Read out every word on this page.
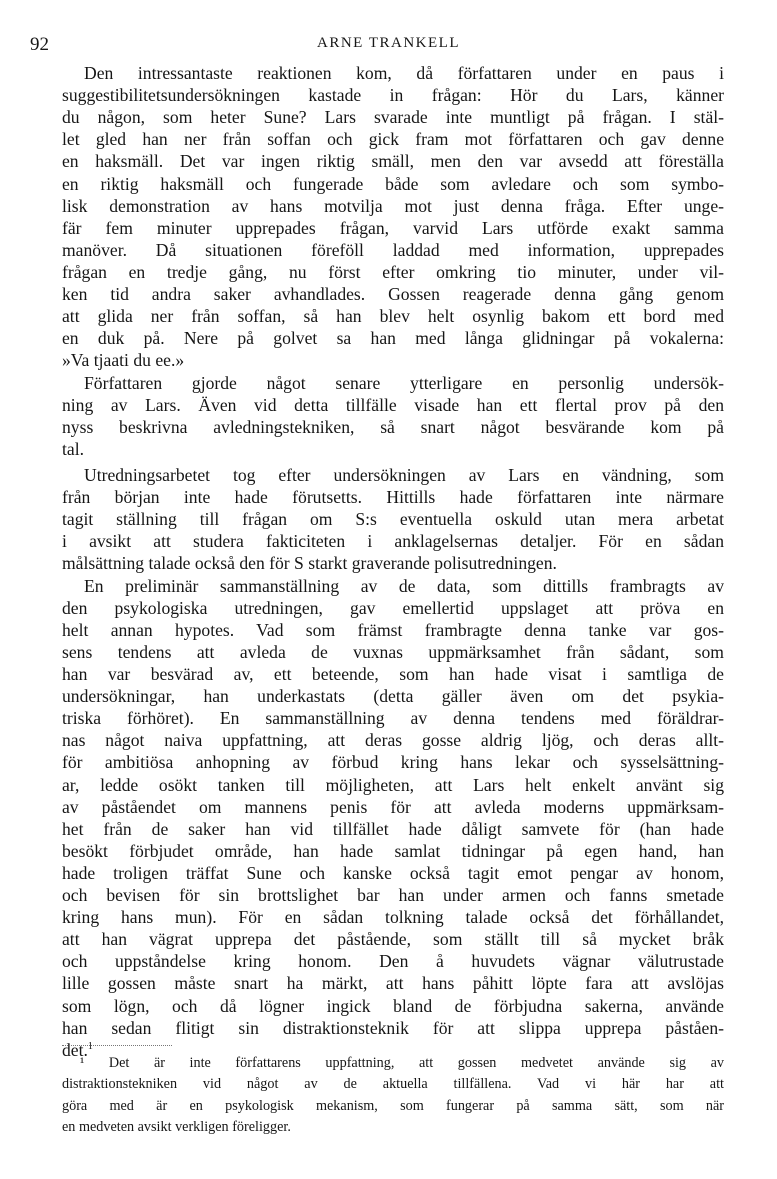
92	ARNE TRANKELL
Den intressantaste reaktionen kom, då författaren under en paus i
suggestibilitetsundersökningen kastade in frågan: Hör du Lars, känner
du någon, som heter Sune? Lars svarade inte muntligt på frågan. I stäl-
let gled han ner från soffan och gick fram mot författaren och gav denne
en haksmäll. Det var ingen riktig smäll, men den var avsedd att föreställa
en riktig haksmäll och fungerade både som avledare och som symbo-
lisk demonstration av hans motvilja mot just denna fråga. Efter unge-
fär fem minuter upprepades frågan, varvid Lars utförde exakt samma
manöver. Då situationen föreföll laddad med information, upprepades
frågan en tredje gång, nu först efter omkring tio minuter, under vil-
ken tid andra saker avhandlades. Gossen reagerade denna gång genom
att glida ner från soffan, så han blev helt osynlig bakom ett bord med
en duk på. Nere på golvet sa han med långa glidningar på vokalerna:
»Va tjaati du ee.»
Författaren gjorde något senare ytterligare en personlig undersök-
ning av Lars. Även vid detta tillfälle visade han ett flertal prov på den
nyss beskrivna avledningstekniken, så snart något besvärande kom på
tal.
Utredningsarbetet tog efter undersökningen av Lars en vändning, som
från början inte hade förutsetts. Hittills hade författaren inte närmare
tagit ställning till frågan om S:s eventuella oskuld utan mera arbetat
i avsikt att studera fakticiteten i anklagelsernas detaljer. För en sådan
målsättning talade också den för S starkt graverande polisutredningen.
En preliminär sammanställning av de data, som dittills frambragts av
den psykologiska utredningen, gav emellertid uppslaget att pröva en
helt annan hypotes. Vad som främst frambragte denna tanke var gos-
sens tendens att avleda de vuxnas uppmärksamhet från sådant, som
han var besvärad av, ett beteende, som han hade visat i samtliga de
undersökningar, han underkastats (detta gäller även om det psykia-
triska förhöret). En sammanställning av denna tendens med föräldrar-
nas något naiva uppfattning, att deras gosse aldrig ljög, och deras allt-
för ambitiösa anhopning av förbud kring hans lekar och sysselsättning-
ar, ledde osökt tanken till möjligheten, att Lars helt enkelt använt sig
av påståendet om mannens penis för att avleda moderns uppmärksam-
het från de saker han vid tillfället hade dåligt samvete för (han hade
besökt förbjudet område, han hade samlat tidningar på egen hand, han
hade troligen träffat Sune och kanske också tagit emot pengar av honom,
och bevisen för sin brottslighet bar han under armen och fanns smetade
kring hans mun). För en sådan tolkning talade också det förhållandet,
att han vägrat upprepa det påstående, som ställt till så mycket bråk
och uppståndelse kring honom. Den å huvudets vägnar välutrustade
lille gossen måste snart ha märkt, att hans påhitt löpte fara att avslöjas
som lögn, och då lögner ingick bland de förbjudna sakerna, använde
han sedan flitigt sin distraktionsteknik för att slippa upprepa påståen-
det.$^1$
¹ Det är inte författarens uppfattning, att gossen medvetet använde sig av
distraktionstekniken vid något av de aktuella tillfällena. Vad vi här har att
göra med är en psykologisk mekanism, som fungerar på samma sätt, som när
en medveten avsikt verkligen föreligger.
